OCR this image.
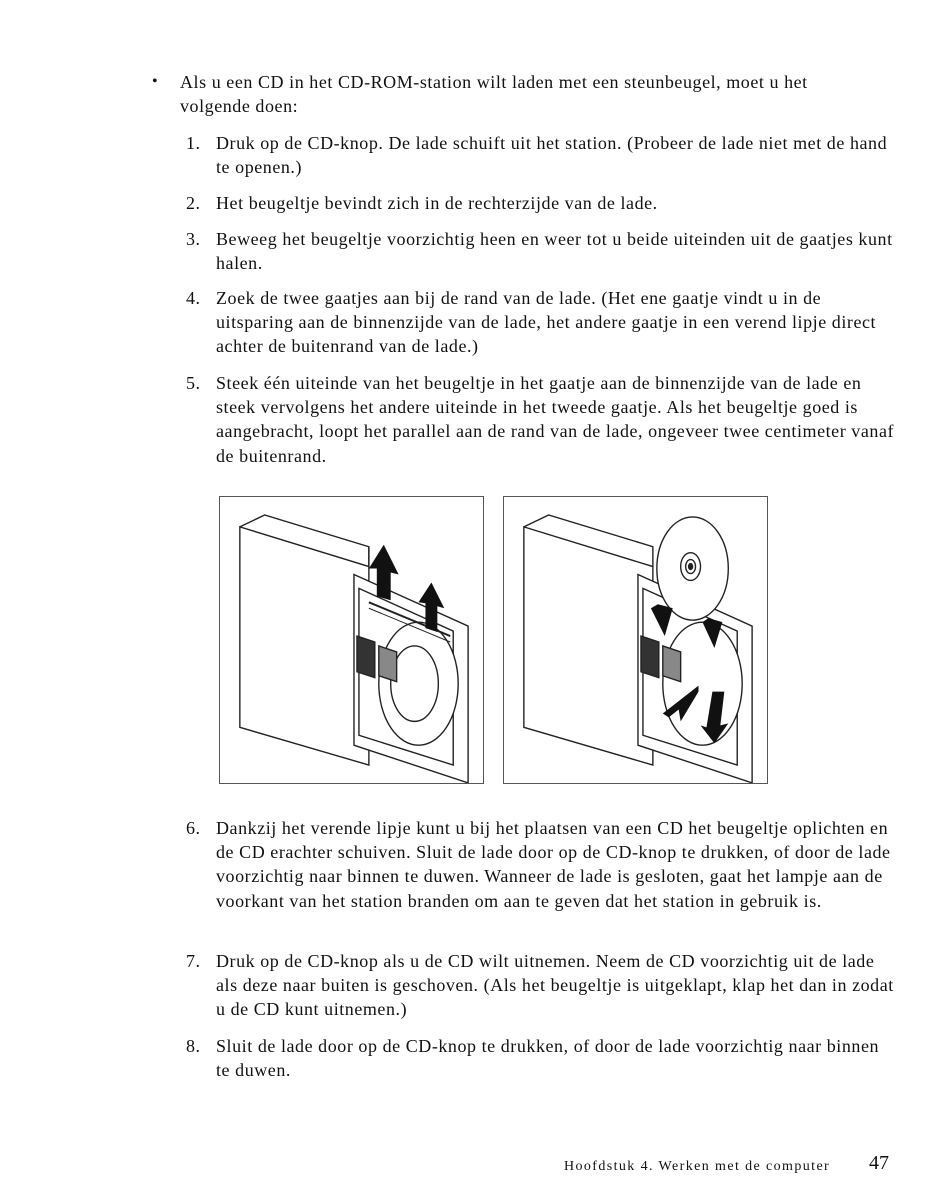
• Als u een CD in het CD-ROM-station wilt laden met een steunbeugel, moet u het volgende doen:
1. Druk op de CD-knop. De lade schuift uit het station. (Probeer de lade niet met de hand te openen.)
2. Het beugeltje bevindt zich in de rechterzijde van de lade.
3. Beweeg het beugeltje voorzichtig heen en weer tot u beide uiteinden uit de gaatjes kunt halen.
4. Zoek de twee gaatjes aan bij de rand van de lade. (Het ene gaatje vindt u in de uitsparing aan de binnenzijde van de lade, het andere gaatje in een verend lipje direct achter de buitenrand van de lade.)
5. Steek één uiteinde van het beugeltje in het gaatje aan de binnenzijde van de lade en steek vervolgens het andere uiteinde in het tweede gaatje. Als het beugeltje goed is aangebracht, loopt het parallel aan de rand van de lade, ongeveer twee centimeter vanaf de buitenrand.
6. Dankzij het verende lipje kunt u bij het plaatsen van een CD het beugeltje oplichten en de CD erachter schuiven. Sluit de lade door op de CD-knop te drukken, of door de lade voorzichtig naar binnen te duwen. Wanneer de lade is gesloten, gaat het lampje aan de voorkant van het station branden om aan te geven dat het station in gebruik is.
7. Druk op de CD-knop als u de CD wilt uitnemen. Neem de CD voorzichtig uit de lade als deze naar buiten is geschoven. (Als het beugeltje is uitgeklapt, klap het dan in zodat u de CD kunt uitnemen.)
8. Sluit de lade door op de CD-knop te drukken, of door de lade voorzichtig naar binnen te duwen.
Hoofdstuk 4. Werken met de computer 47
